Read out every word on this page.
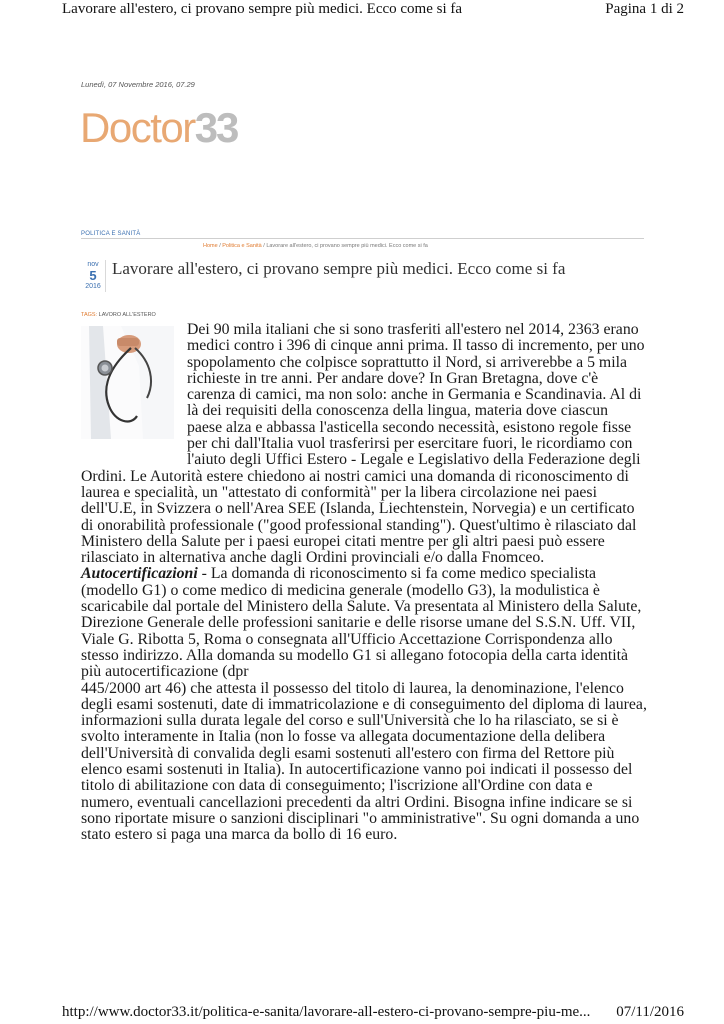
Lavorare all'estero, ci provano sempre più medici. Ecco come si fa	Pagina 1 di 2
Lunedì, 07 Novembre 2016, 07.29
Doctor33
POLITICA E SANITÀ
Home / Politica e Sanità / Lavorare all'estero, ci provano sempre più medici. Ecco come si fa
nov
5
2016
Lavorare all'estero, ci provano sempre più medici. Ecco come si fa
TAGS: LAVORO ALL'ESTERO

Dei 90 mila italiani che si sono trasferiti all'estero nel 2014, 2363 erano medici contro i 396 di cinque anni prima. Il tasso di incremento, per uno spopolamento che colpisce soprattutto il Nord, si arriverebbe a 5 mila richieste in tre anni. Per andare dove? In Gran Bretagna, dove c'è carenza di camici, ma non solo: anche in Germania e Scandinavia. Al di là dei requisiti della conoscenza della lingua, materia dove ciascun paese alza e abbassa l'asticella secondo necessità, esistono regole fisse per chi dall'Italia vuol trasferirsi per esercitare fuori, le ricordiamo con l'aiuto degli Uffici Estero - Legale e Legislativo della Federazione degli Ordini. Le Autorità estere chiedono ai nostri camici una domanda di riconoscimento di laurea e specialità, un "attestato di conformità" per la libera circolazione nei paesi dell'U.E, in Svizzera o nell'Area SEE (Islanda, Liechtenstein, Norvegia) e un certificato di onorabilità professionale ("good professional standing"). Quest'ultimo è rilasciato dal Ministero della Salute per i paesi europei citati mentre per gli altri paesi può essere rilasciato in alternativa anche dagli Ordini provinciali e/o dalla Fnomceo.

Autocertificazioni - La domanda di riconoscimento si fa come medico specialista (modello G1) o come medico di medicina generale (modello G3), la modulistica è scaricabile dal portale del Ministero della Salute. Va presentata al Ministero della Salute, Direzione Generale delle professioni sanitarie e delle risorse umane del S.S.N. Uff. VII, Viale G. Ribotta 5, Roma o consegnata all'Ufficio Accettazione Corrispondenza allo stesso indirizzo. Alla domanda su modello G1 si allegano fotocopia della carta identità più autocertificazione (dpr
445/2000 art 46) che attesta il possesso del titolo di laurea, la denominazione, l'elenco degli esami sostenuti, date di immatricolazione e di conseguimento del diploma di laurea, informazioni sulla durata legale del corso e sull'Università che lo ha rilasciato, se si è svolto interamente in Italia (non lo fosse va allegata documentazione della delibera dell'Università di convalida degli esami sostenuti all'estero con firma del Rettore più elenco esami sostenuti in Italia). In autocertificazione vanno poi indicati il possesso del titolo di abilitazione con data di conseguimento; l'iscrizione all'Ordine con data e numero, eventuali cancellazioni precedenti da altri Ordini. Bisogna infine indicare se si sono riportate misure o sanzioni disciplinari "o amministrative". Su ogni domanda a uno stato estero si paga una marca da bollo di 16 euro.

http://www.doctor33.it/politica-e-sanita/lavorare-all-estero-ci-provano-sempre-piu-me... 07/11/2016
